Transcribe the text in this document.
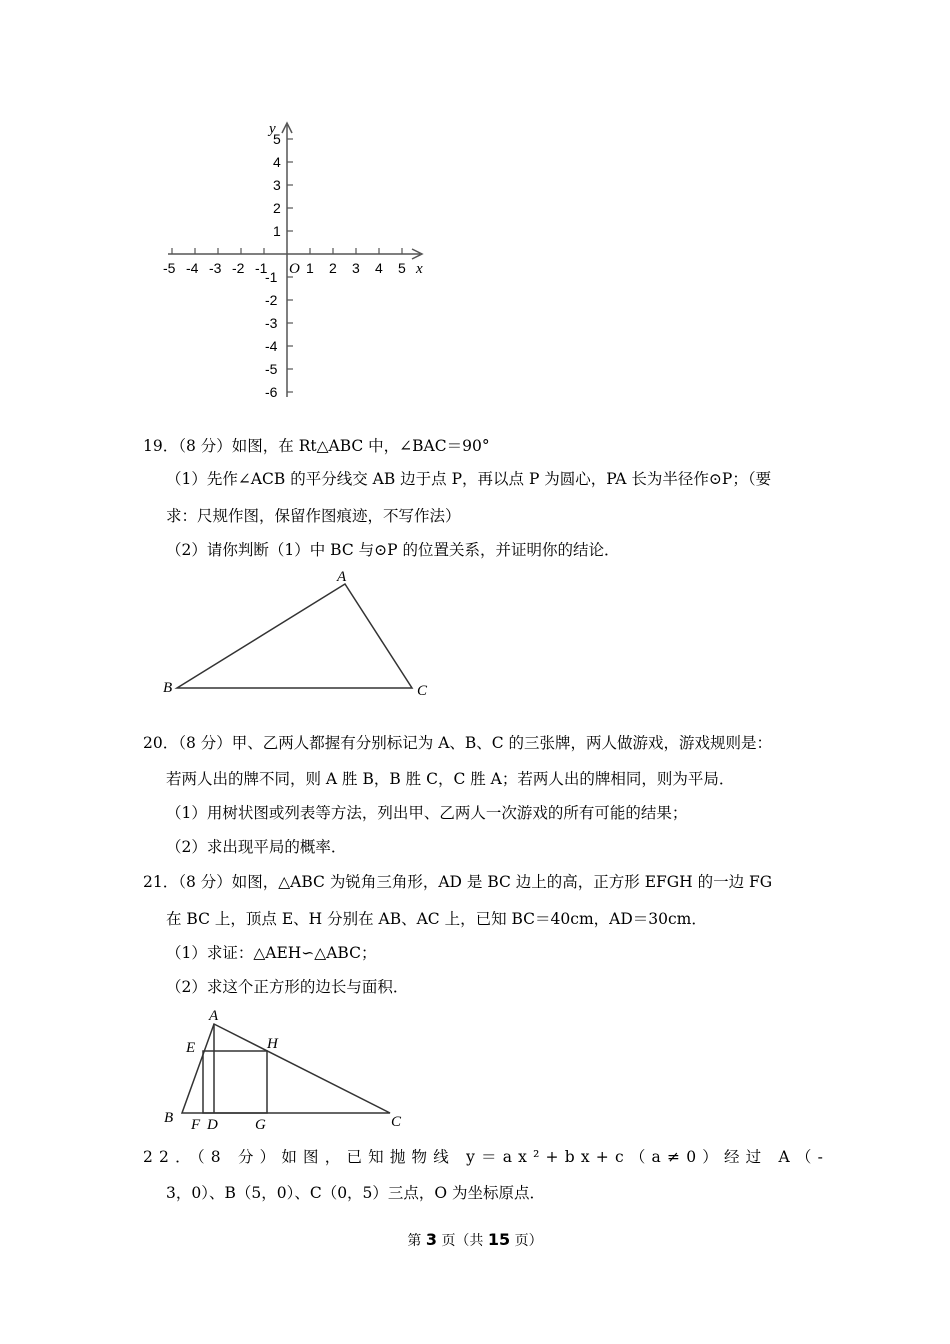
-5 -4 -3 -2 -1	1 2 3 4 5
5
4
3
2
1
-1
-2
-3
-4
-5
-6
x
y
O
19．（8 分）如图，在 Rt△ABC 中，∠BAC＝90°
（1）先作∠ACB 的平分线交 AB 边于点 P，再以点 P 为圆心，PA 长为半径作⊙P；（要
求：尺规作图，保留作图痕迹，不写作法）
（2）请你判断（1）中 BC 与⊙P 的位置关系，并证明你的结论．
A
B	C
20．（8 分）甲、乙两人都握有分别标记为 A、B、C 的三张牌，两人做游戏，游戏规则是：
若两人出的牌不同，则 A 胜 B，B 胜 C，C 胜 A；若两人出的牌相同，则为平局．
（1）用树状图或列表等方法，列出甲、乙两人一次游戏的所有可能的结果；
（2）求出现平局的概率．
21．（8 分）如图，△ABC 为锐角三角形，AD 是 BC 边上的高，正方形 EFGH 的一边 FG
在 BC 上，顶点 E、H 分别在 AB、AC 上，已知 BC＝40cm，AD＝30cm．
（1）求证：△AEH∽△ABC；
（2）求这个正方形的边长与面积．
A
E	H
B F D G	C
22．（8 分）如图，已知抛物线 y＝ax²+bx+c（a≠0）经过 A（-
3，0）、B（5，0）、C（0，5）三点，O 为坐标原点．
第 3 页（共 15 页）
